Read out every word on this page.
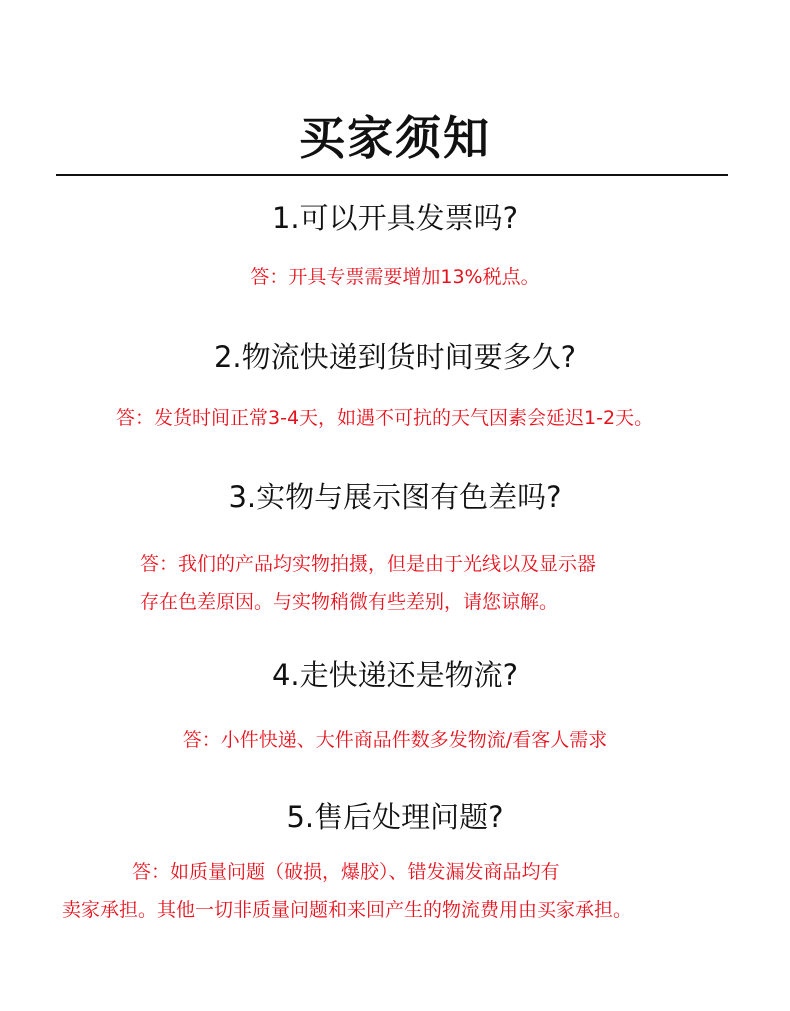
买家须知
1.可以开具发票吗?
答：开具专票需要增加13%税点。
2.物流快递到货时间要多久?
答：发货时间正常3-4天，如遇不可抗的天气因素会延迟1-2天。
3.实物与展示图有色差吗?
答：我们的产品均实物拍摄，但是由于光线以及显示器
存在色差原因。与实物稍微有些差别，请您谅解。
4.走快递还是物流?
答：小件快递、大件商品件数多发物流/看客人需求
5.售后处理问题?
答：如质量问题（破损，爆胶）、错发漏发商品均有
卖家承担。其他一切非质量问题和来回产生的物流费用由买家承担。
